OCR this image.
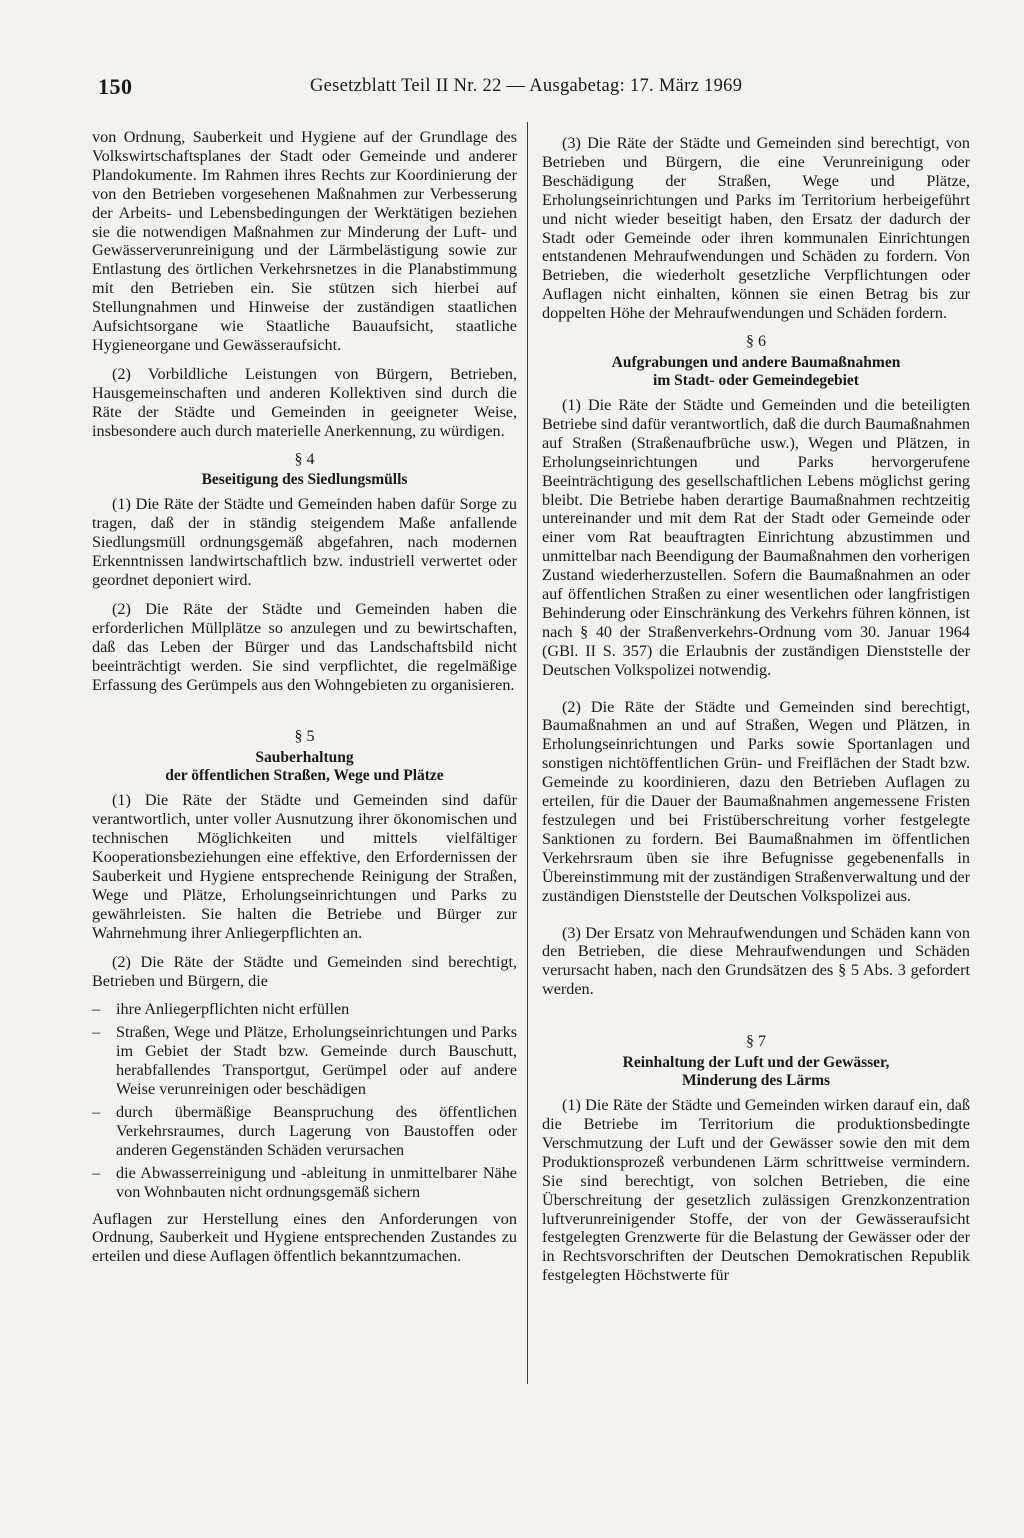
150	Gesetzblatt Teil II Nr. 22 — Ausgabetag: 17. März 1969

von Ordnung, Sauberkeit und Hygiene auf der Grundlage des Volkswirtschaftsplanes der Stadt oder Gemeinde und anderer Plandokumente. Im Rahmen ihres Rechts zur Koordinierung der von den Betrieben vorgesehenen Maßnahmen zur Verbesserung der Arbeits- und Lebensbedingungen der Werktätigen beziehen sie die notwendigen Maßnahmen zur Minderung der Luft- und Gewässerverunreinigung und der Lärmbelästigung sowie zur Entlastung des örtlichen Verkehrsnetzes in die Planabstimmung mit den Betrieben ein. Sie stützen sich hierbei auf Stellungnahmen und Hinweise der zuständigen staatlichen Aufsichtsorgane wie Staatliche Bauaufsicht, staatliche Hygieneorgane und Gewässeraufsicht.

(2) Vorbildliche Leistungen von Bürgern, Betrieben, Hausgemeinschaften und anderen Kollektiven sind durch die Räte der Städte und Gemeinden in geeigneter Weise, insbesondere auch durch materielle Anerkennung, zu würdigen.

§ 4
Beseitigung des Siedlungsmülls

(1) Die Räte der Städte und Gemeinden haben dafür Sorge zu tragen, daß der in ständig steigendem Maße anfallende Siedlungsmüll ordnungsgemäß abgefahren, nach modernen Erkenntnissen landwirtschaftlich bzw. industriell verwertet oder geordnet deponiert wird.

(2) Die Räte der Städte und Gemeinden haben die erforderlichen Müllplätze so anzulegen und zu bewirtschaften, daß das Leben der Bürger und das Landschaftsbild nicht beeinträchtigt werden. Sie sind verpflichtet, die regelmäßige Erfassung des Gerümpels aus den Wohngebieten zu organisieren.

§ 5
Sauberhaltung
der öffentlichen Straßen, Wege und Plätze

(1) Die Räte der Städte und Gemeinden sind dafür verantwortlich, unter voller Ausnutzung ihrer ökonomischen und technischen Möglichkeiten und mittels vielfältiger Kooperationsbeziehungen eine effektive, den Erfordernissen der Sauberkeit und Hygiene entsprechende Reinigung der Straßen, Wege und Plätze, Erholungseinrichtungen und Parks zu gewährleisten. Sie halten die Betriebe und Bürger zur Wahrnehmung ihrer Anliegerpflichten an.

(2) Die Räte der Städte und Gemeinden sind berechtigt, Betrieben und Bürgern, die

– ihre Anliegerpflichten nicht erfüllen
– Straßen, Wege und Plätze, Erholungseinrichtungen und Parks im Gebiet der Stadt bzw. Gemeinde durch Bauschutt, herabfallendes Transportgut, Gerümpel oder auf andere Weise verunreinigen oder beschädigen
– durch übermäßige Beanspruchung des öffentlichen Verkehrsraumes, durch Lagerung von Baustoffen oder anderen Gegenständen Schäden verursachen
– die Abwasserreinigung und -ableitung in unmittelbarer Nähe von Wohnbauten nicht ordnungsgemäß sichern

Auflagen zur Herstellung eines den Anforderungen von Ordnung, Sauberkeit und Hygiene entsprechenden Zustandes zu erteilen und diese Auflagen öffentlich bekanntzumachen.

(3) Die Räte der Städte und Gemeinden sind berechtigt, von Betrieben und Bürgern, die eine Verunreinigung oder Beschädigung der Straßen, Wege und Plätze, Erholungseinrichtungen und Parks im Territorium herbeigeführt und nicht wieder beseitigt haben, den Ersatz der dadurch der Stadt oder Gemeinde oder ihren kommunalen Einrichtungen entstandenen Mehraufwendungen und Schäden zu fordern. Von Betrieben, die wiederholt gesetzliche Verpflichtungen oder Auflagen nicht einhalten, können sie einen Betrag bis zur doppelten Höhe der Mehraufwendungen und Schäden fordern.

§ 6
Aufgrabungen und andere Baumaßnahmen
im Stadt- oder Gemeindegebiet

(1) Die Räte der Städte und Gemeinden und die beteiligten Betriebe sind dafür verantwortlich, daß die durch Baumaßnahmen auf Straßen (Straßenaufbrüche usw.), Wegen und Plätzen, in Erholungseinrichtungen und Parks hervorgerufene Beeinträchtigung des gesellschaftlichen Lebens möglichst gering bleibt. Die Betriebe haben derartige Baumaßnahmen rechtzeitig untereinander und mit dem Rat der Stadt oder Gemeinde oder einer vom Rat beauftragten Einrichtung abzustimmen und unmittelbar nach Beendigung der Baumaßnahmen den vorherigen Zustand wiederherzustellen. Sofern die Baumaßnahmen an oder auf öffentlichen Straßen zu einer wesentlichen oder langfristigen Behinderung oder Einschränkung des Verkehrs führen können, ist nach § 40 der Straßenverkehrs-Ordnung vom 30. Januar 1964 (GBl. II S. 357) die Erlaubnis der zuständigen Dienststelle der Deutschen Volkspolizei notwendig.

(2) Die Räte der Städte und Gemeinden sind berechtigt, Baumaßnahmen an und auf Straßen, Wegen und Plätzen, in Erholungseinrichtungen und Parks sowie Sportanlagen und sonstigen nichtöffentlichen Grün- und Freiflächen der Stadt bzw. Gemeinde zu koordinieren, dazu den Betrieben Auflagen zu erteilen, für die Dauer der Baumaßnahmen angemessene Fristen festzulegen und bei Fristüberschreitung vorher festgelegte Sanktionen zu fordern. Bei Baumaßnahmen im öffentlichen Verkehrsraum üben sie ihre Befugnisse gegebenenfalls in Übereinstimmung mit der zuständigen Straßenverwaltung und der zuständigen Dienststelle der Deutschen Volkspolizei aus.

(3) Der Ersatz von Mehraufwendungen und Schäden kann von den Betrieben, die diese Mehraufwendungen und Schäden verursacht haben, nach den Grundsätzen des § 5 Abs. 3 gefordert werden.

§ 7
Reinhaltung der Luft und der Gewässer,
Minderung des Lärms

(1) Die Räte der Städte und Gemeinden wirken darauf ein, daß die Betriebe im Territorium die produktionsbedingte Verschmutzung der Luft und der Gewässer sowie den mit dem Produktionsprozeß verbundenen Lärm schrittweise vermindern. Sie sind berechtigt, von solchen Betrieben, die eine Überschreitung der gesetzlich zulässigen Grenzkonzentration luftverunreinigender Stoffe, der von der Gewässeraufsicht festgelegten Grenzwerte für die Belastung der Gewässer oder der in Rechtsvorschriften der Deutschen Demokratischen Republik festgelegten Höchstwerte für
